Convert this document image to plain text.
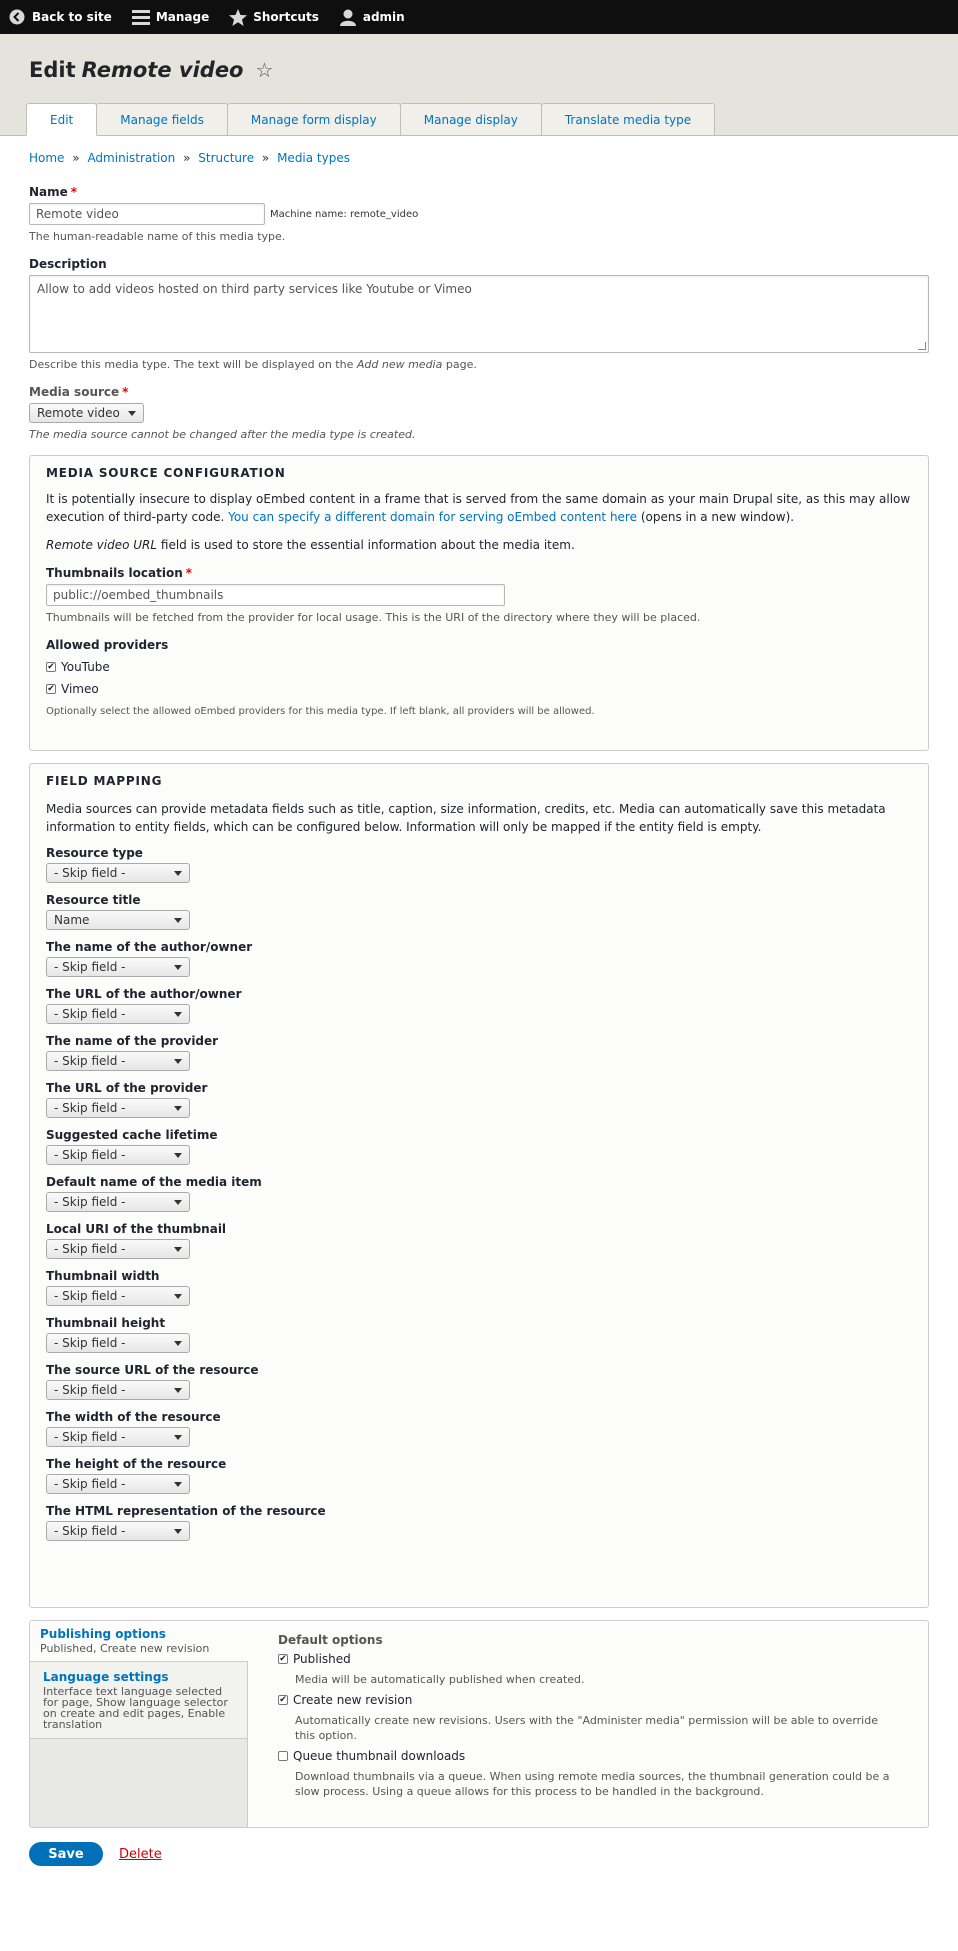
Back to site	Manage	Shortcuts	admin
Edit Remote video ☆
Edit	Manage fields	Manage form display	Manage display	Translate media type
Home » Administration » Structure » Media types
Name *
Remote video	Machine name: remote_video
The human-readable name of this media type.
Description
Allow to add videos hosted on third party services like Youtube or Vimeo
Describe this media type. The text will be displayed on the Add new media page.
Media source *
Remote video
The media source cannot be changed after the media type is created.
MEDIA SOURCE CONFIGURATION
It is potentially insecure to display oEmbed content in a frame that is served from the same domain as your main Drupal site, as this may allow execution of third-party code. You can specify a different domain for serving oEmbed content here (opens in a new window).
Remote video URL field is used to store the essential information about the media item.
Thumbnails location *
public://oembed_thumbnails
Thumbnails will be fetched from the provider for local usage. This is the URI of the directory where they will be placed.
Allowed providers
✔ YouTube
✔ Vimeo
Optionally select the allowed oEmbed providers for this media type. If left blank, all providers will be allowed.
FIELD MAPPING
Media sources can provide metadata fields such as title, caption, size information, credits, etc. Media can automatically save this metadata information to entity fields, which can be configured below. Information will only be mapped if the entity field is empty.
Resource type
- Skip field -
Resource title
Name
The name of the author/owner
- Skip field -
The URL of the author/owner
- Skip field -
The name of the provider
- Skip field -
The URL of the provider
- Skip field -
Suggested cache lifetime
- Skip field -
Default name of the media item
- Skip field -
Local URI of the thumbnail
- Skip field -
Thumbnail width
- Skip field -
Thumbnail height
- Skip field -
The source URL of the resource
- Skip field -
The width of the resource
- Skip field -
The height of the resource
- Skip field -
The HTML representation of the resource
- Skip field -
Publishing options
Published, Create new revision
Language settings
Interface text language selected for page, Show language selector on create and edit pages, Enable translation
Default options
✔ Published
Media will be automatically published when created.
✔ Create new revision
Automatically create new revisions. Users with the "Administer media" permission will be able to override this option.
Queue thumbnail downloads
Download thumbnails via a queue. When using remote media sources, the thumbnail generation could be a slow process. Using a queue allows for this process to be handled in the background.
Save	Delete
